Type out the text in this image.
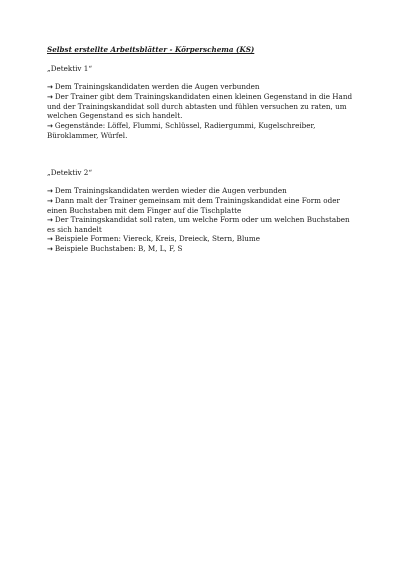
Selbst erstellte Arbeitsblätter - Körperschema (KS)
„Detektiv 1“
→ Dem Trainingskandidaten werden die Augen verbunden
→ Der Trainer gibt dem Trainingskandidaten einen kleinen Gegenstand in die Hand und der Trainingskandidat soll durch abtasten und fühlen versuchen zu raten, um welchen Gegenstand es sich handelt.
→ Gegenstände: Löffel, Flummi, Schlüssel, Radiergummi, Kugelschreiber, Büroklammer, Würfel.
„Detektiv 2“
→ Dem Trainingskandidaten werden wieder die Augen verbunden
→ Dann malt der Trainer gemeinsam mit dem Trainingskandidat eine Form oder einen Buchstaben mit dem Finger auf die Tischplatte
→ Der Trainingskandidat soll raten, um welche Form oder um welchen Buchstaben es sich handelt
→ Beispiele Formen: Viereck, Kreis, Dreieck, Stern, Blume
→ Beispiele Buchstaben: B, M, L, F, S
